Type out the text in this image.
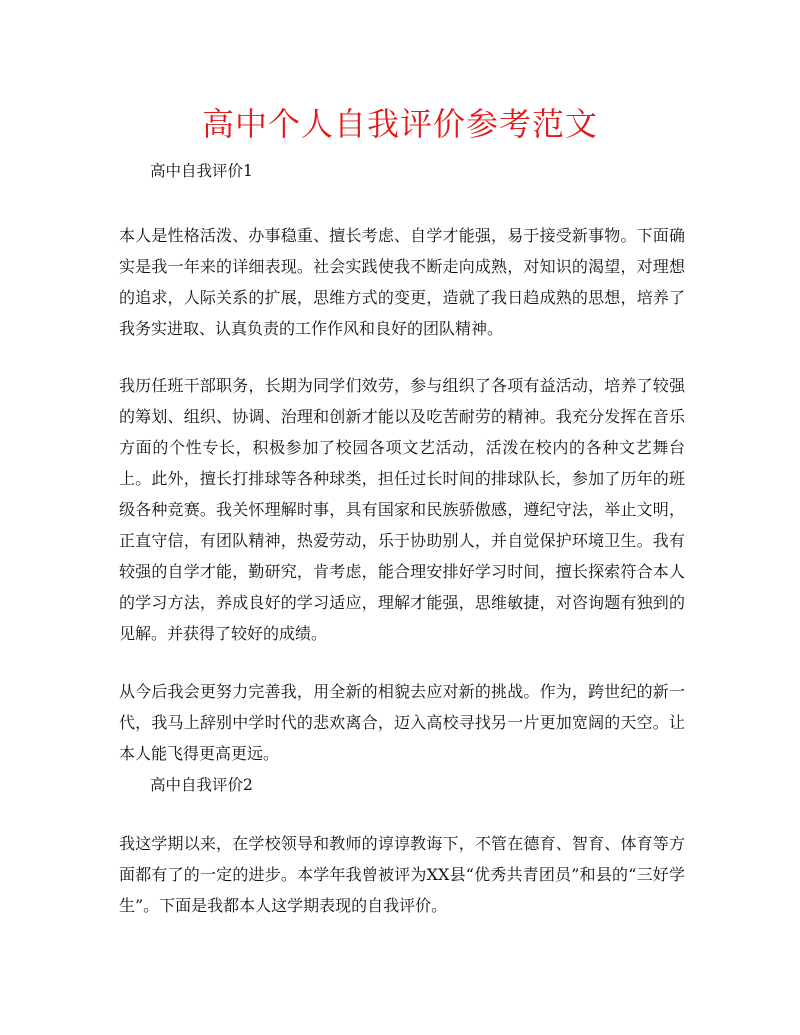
高中个人自我评价参考范文
高中自我评价1
本人是性格活泼、办事稳重、擅长考虑、自学才能强，易于接受新事物。下面确实是我一年来的详细表现。社会实践使我不断走向成熟，对知识的渴望，对理想的追求，人际关系的扩展，思维方式的变更，造就了我日趋成熟的思想，培养了我务实进取、认真负责的工作作风和良好的团队精神。
我历任班干部职务，长期为同学们效劳，参与组织了各项有益活动，培养了较强的筹划、组织、协调、治理和创新才能以及吃苦耐劳的精神。我充分发挥在音乐方面的个性专长，积极参加了校园各项文艺活动，活泼在校内的各种文艺舞台上。此外，擅长打排球等各种球类，担任过长时间的排球队长，参加了历年的班级各种竞赛。我关怀理解时事，具有国家和民族骄傲感，遵纪守法，举止文明，正直守信，有团队精神，热爱劳动，乐于协助别人，并自觉保护环境卫生。我有较强的自学才能，勤研究，肯考虑，能合理安排好学习时间，擅长探索符合本人的学习方法，养成良好的学习适应，理解才能强，思维敏捷，对咨询题有独到的见解。并获得了较好的成绩。
从今后我会更努力完善我，用全新的相貌去应对新的挑战。作为，跨世纪的新一代，我马上辞别中学时代的悲欢离合，迈入高校寻找另一片更加宽阔的天空。让本人能飞得更高更远。
高中自我评价2
我这学期以来，在学校领导和教师的谆谆教诲下，不管在德育、智育、体育等方面都有了的一定的进步。本学年我曾被评为XX县“优秀共青团员”和县的“三好学生”。下面是我都本人这学期表现的自我评价。
